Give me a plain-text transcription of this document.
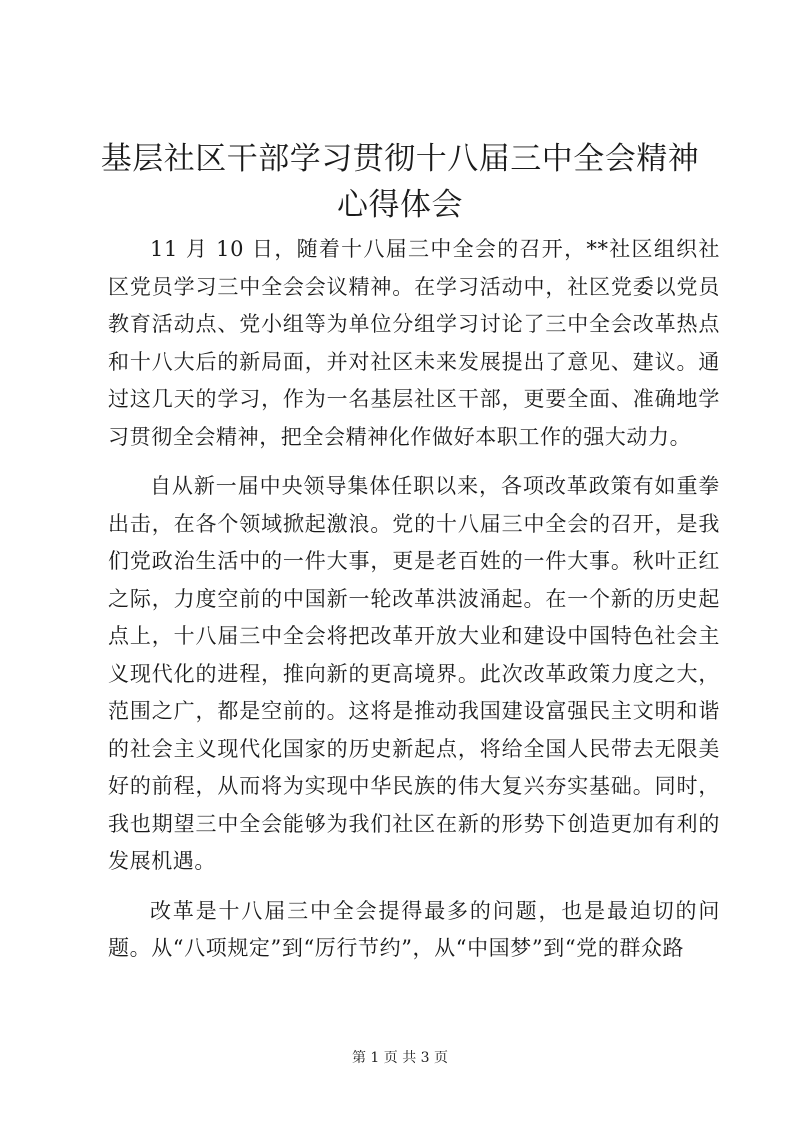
基层社区干部学习贯彻十八届三中全会精神心得体会

11 月 10 日，随着十八届三中全会的召开，**社区组织社区党员学习三中全会会议精神。在学习活动中，社区党委以党员教育活动点、党小组等为单位分组学习讨论了三中全会改革热点和十八大后的新局面，并对社区未来发展提出了意见、建议。通过这几天的学习，作为一名基层社区干部，更要全面、准确地学习贯彻全会精神，把全会精神化作做好本职工作的强大动力。

自从新一届中央领导集体任职以来，各项改革政策有如重拳出击，在各个领域掀起激浪。党的十八届三中全会的召开，是我们党政治生活中的一件大事，更是老百姓的一件大事。秋叶正红之际，力度空前的中国新一轮改革洪波涌起。在一个新的历史起点上，十八届三中全会将把改革开放大业和建设中国特色社会主义现代化的进程，推向新的更高境界。此次改革政策力度之大，范围之广，都是空前的。这将是推动我国建设富强民主文明和谐的社会主义现代化国家的历史新起点，将给全国人民带去无限美好的前程，从而将为实现中华民族的伟大复兴夯实基础。同时，我也期望三中全会能够为我们社区在新的形势下创造更加有利的发展机遇。

改革是十八届三中全会提得最多的问题，也是最迫切的问题。从“八项规定”到“厉行节约”，从“中国梦”到“党的群众路

第 1 页 共 3 页
